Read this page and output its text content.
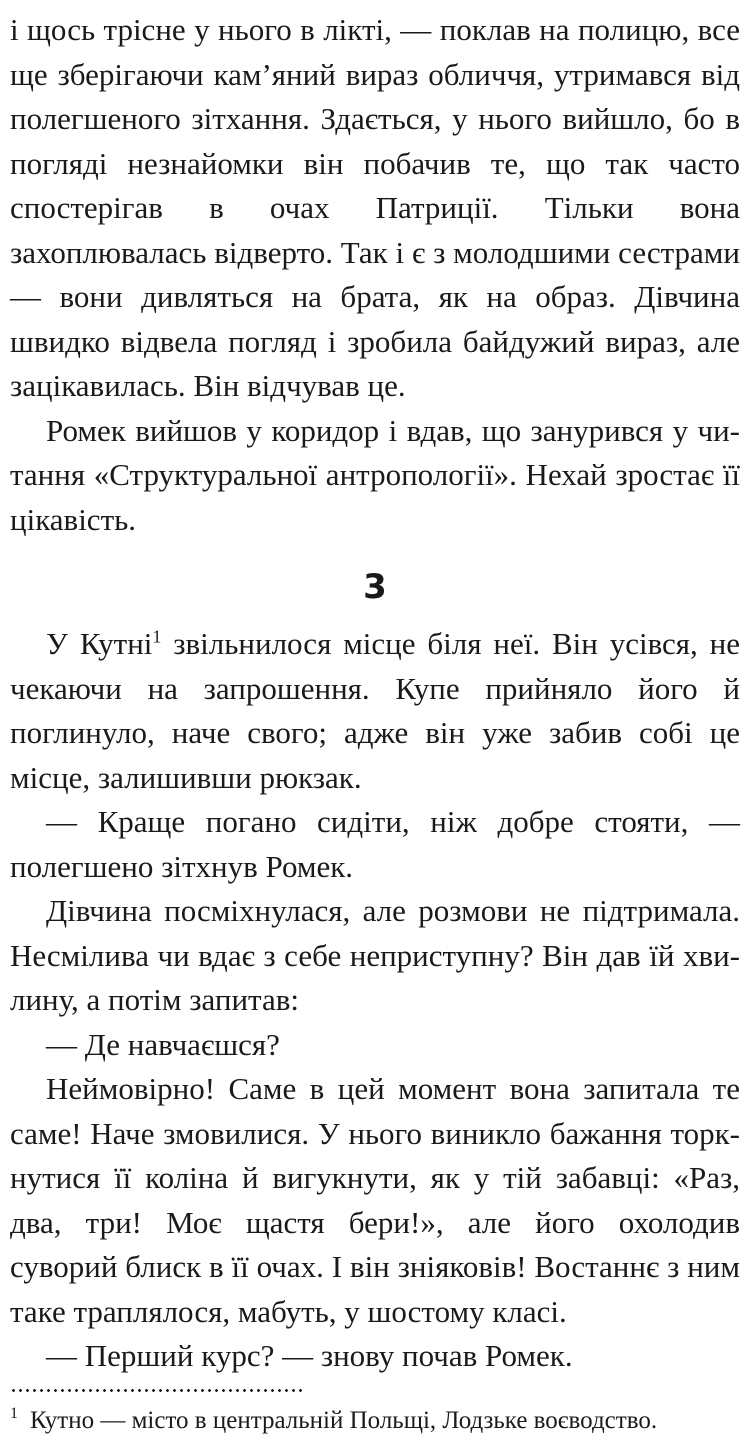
і щось трісне у нього в лікті, — поклав на полицю, все ще зберігаючи кам’яний вираз обличчя, утримався від полегшеного зітхання. Здається, у нього вийшло, бо в погляді незнайомки він побачив те, що так часто спостерігав в очах Патриції. Тільки вона захоплювалась відверто. Так і є з молодшими сестрами — вони дивляться на брата, як на образ. Дівчина швидко відвела погляд і зробила байдужий вираз, але зацікавилась. Він відчував це.

Ромек вийшов у коридор і вдав, що занурився у читання «Структуральної антропології». Нехай зростає її цікавість.

3

У Кутні$^1$ звільнилося місце біля неї. Він усівся, не чекаючи на запрошення. Купе прийняло його й поглинуло, наче свого; адже він уже забив собі це місце, залишивши рюкзак.

— Краще погано сидіти, ніж добре стояти, — полегшено зітхнув Ромек.

Дівчина посміхнулася, але розмови не підтримала. Несмілива чи вдає з себе неприступну? Він дав їй хвилину, а потім запитав:

— Де навчаєшся?

Неймовірно! Саме в цей момент вона запитала те саме! Наче змовилися. У нього виникло бажання торкнутися її коліна й вигукнути, як у тій забавці: «Раз, два, три! Моє щастя бери!», але його охолодив суворий блиск в її очах. І він зніяковів! Востаннє з ним таке траплялося, мабуть, у шостому класі.

— Перший курс? — знову почав Ромек.

$^1$ Кутно — місто в центральній Польщі, Лодзьке воєводство.
